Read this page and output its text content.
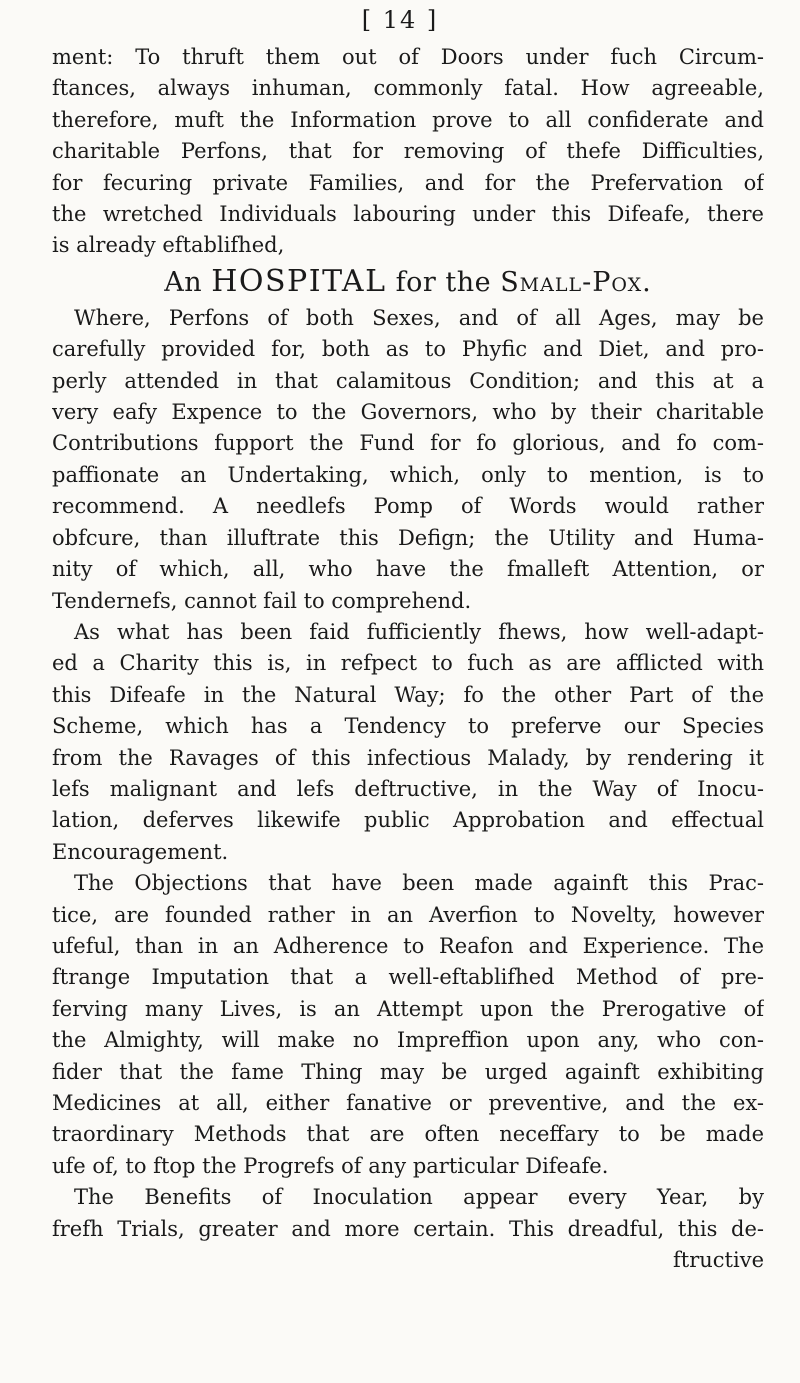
[ 14 ]
ment: To thruft them out of Doors under fuch Circum-
ftances, always inhuman, commonly fatal. How agreeable,
therefore, muft the Information prove to all confiderate and
charitable Perfons, that for removing of thefe Difficulties,
for fecuring private Families, and for the Prefervation of
the wretched Individuals labouring under this Difeafe, there
is already eftablifhed,
An HOSPITAL for the Small-Pox.
Where, Perfons of both Sexes, and of all Ages, may be
carefully provided for, both as to Phyfic and Diet, and pro-
perly attended in that calamitous Condition; and this at a
very eafy Expence to the Governors, who by their charitable
Contributions fupport the Fund for fo glorious, and fo com-
paffionate an Undertaking, which, only to mention, is to
recommend. A needlefs Pomp of Words would rather
obfcure, than illuftrate this Defign; the Utility and Huma-
nity of which, all, who have the fmalleft Attention, or
Tendernefs, cannot fail to comprehend.
As what has been faid fufficiently fhews, how well-adapt-
ed a Charity this is, in refpect to fuch as are afflicted with
this Difeafe in the Natural Way; fo the other Part of the
Scheme, which has a Tendency to preferve our Species
from the Ravages of this infectious Malady, by rendering it
lefs malignant and lefs deftructive, in the Way of Inocu-
lation, deferves likewife public Approbation and effectual
Encouragement.
The Objections that have been made againft this Prac-
tice, are founded rather in an Averfion to Novelty, however
ufeful, than in an Adherence to Reafon and Experience. The
ftrange Imputation that a well-eftablifhed Method of pre-
ferving many Lives, is an Attempt upon the Prerogative of
the Almighty, will make no Impreffion upon any, who con-
fider that the fame Thing may be urged againft exhibiting
Medicines at all, either fanative or preventive, and the ex-
traordinary Methods that are often neceffary to be made
ufe of, to ftop the Progrefs of any particular Difeafe.
The Benefits of Inoculation appear every Year, by
frefh Trials, greater and more certain. This dreadful, this de-
ftructive
